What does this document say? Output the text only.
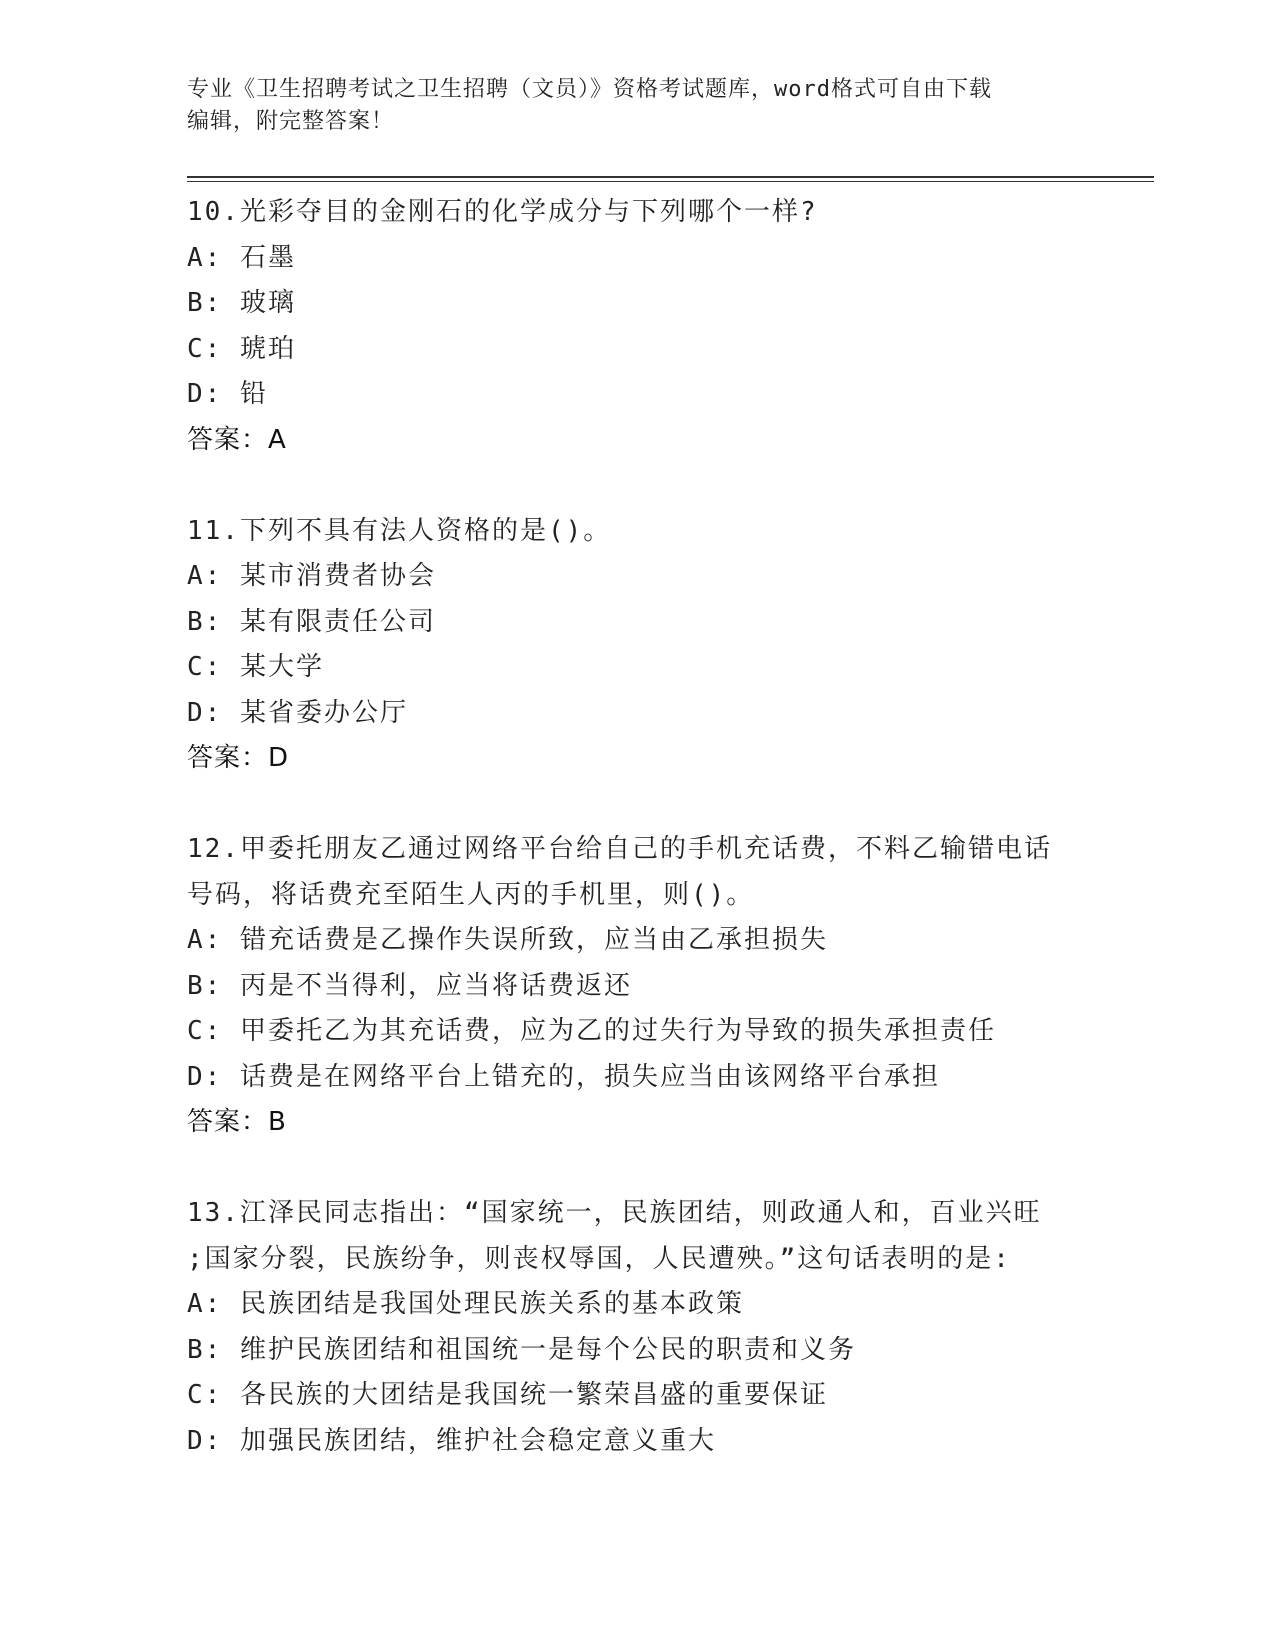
专业《卫生招聘考试之卫生招聘（文员）》资格考试题库，word格式可自由下载
编辑，附完整答案！
10.光彩夺目的金刚石的化学成分与下列哪个一样?
A: 石墨
B: 玻璃
C: 琥珀
D: 铅
答案：A
11.下列不具有法人资格的是()。
A: 某市消费者协会
B: 某有限责任公司
C: 某大学
D: 某省委办公厅
答案：D
12.甲委托朋友乙通过网络平台给自己的手机充话费，不料乙输错电话
号码，将话费充至陌生人丙的手机里，则()。
A: 错充话费是乙操作失误所致，应当由乙承担损失
B: 丙是不当得利，应当将话费返还
C: 甲委托乙为其充话费，应为乙的过失行为导致的损失承担责任
D: 话费是在网络平台上错充的，损失应当由该网络平台承担
答案：B
13.江泽民同志指出：“国家统一，民族团结，则政通人和，百业兴旺
;国家分裂，民族纷争，则丧权辱国，人民遭殃。”这句话表明的是:
A: 民族团结是我国处理民族关系的基本政策
B: 维护民族团结和祖国统一是每个公民的职责和义务
C: 各民族的大团结是我国统一繁荣昌盛的重要保证
D: 加强民族团结，维护社会稳定意义重大
